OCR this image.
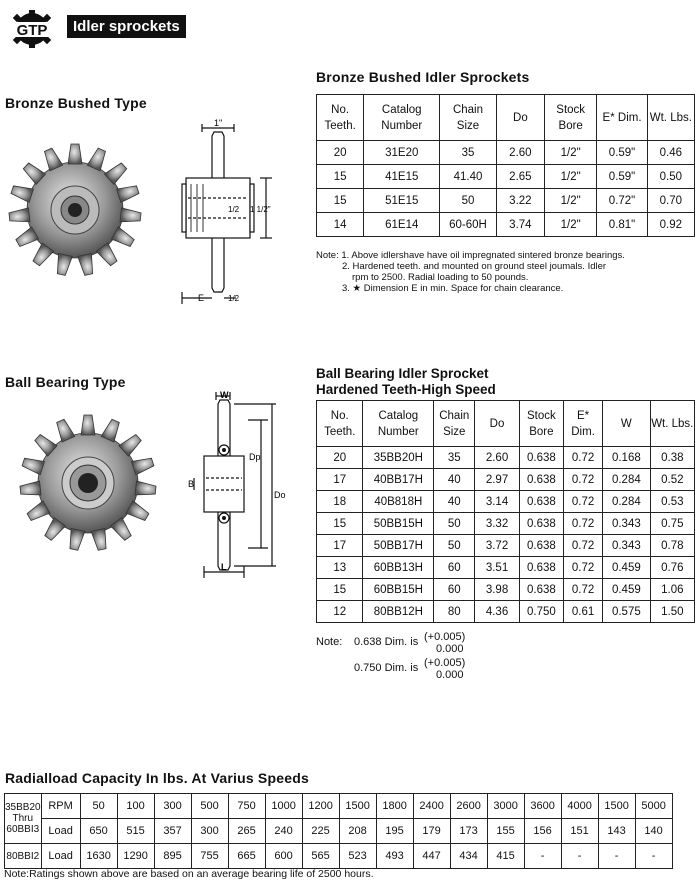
GTP	Idler sprockets
Bronze Bushed Type
Bronze Bushed Idler Sprockets
1"
1/2 1 1/2"
E	1/2
No. Teeth.	Catalog Number	Chain Size	Do	Stock Bore	E* Dim.	Wt. Lbs.
20	31E20	35	2.60	1/2"	0.59"	0.46
15	41E15	41.40	2.65	1/2"	0.59"	0.50
15	51E15	50	3.22	1/2"	0.72"	0.70
14	61E14	60-60H	3.74	1/2"	0.81"	0.92
Note: 1. Above idlershave have oil impregnated sintered bronze bearings.
2. Hardened teeth. and mounted on ground steel joumals. Idler
rpm to 2500. Radial loading to 50 pounds.
3. ★ Dimension E in min. Space for chain clearance.
Ball Bearing Type
Ball Bearing Idler Sprocket
Hardened Teeth-High Speed
W
Dp
B
Do
L
No. Teeth.	Catalog Number	Chain Size	Do	Stock Bore	E* Dim.	W	Wt. Lbs.
20	35BB20H	35	2.60	0.638	0.72	0.168	0.38
17	40BB17H	40	2.97	0.638	0.72	0.284	0.52
18	40B818H	40	3.14	0.638	0.72	0.284	0.53
15	50BB15H	50	3.32	0.638	0.72	0.343	0.75
17	50BB17H	50	3.72	0.638	0.72	0.343	0.78
13	60BB13H	60	3.51	0.638	0.72	0.459	0.76
15	60BB15H	60	3.98	0.638	0.72	0.459	1.06
12	80BB12H	80	4.36	0.750	0.61	0.575	1.50
Note: 0.638 Dim. is (+0.005)
0.000
0.750 Dim. is (+0.005)
0.000
Radialload Capacity In lbs. At Varius Speeds
35BB20
Thru
60BBI3	RPM	50	100	300	500	750	1000	1200	1500	1800	2400	2600	3000	3600	4000	1500	5000
	Load	650	515	357	300	265	240	225	208	195	179	173	155	156	151	143	140
80BBI2	Load	1630	1290	895	755	665	600	565	523	493	447	434	415	-	-	-	-
Note:Ratings shown above are based on an average bearing life of 2500 hours.
